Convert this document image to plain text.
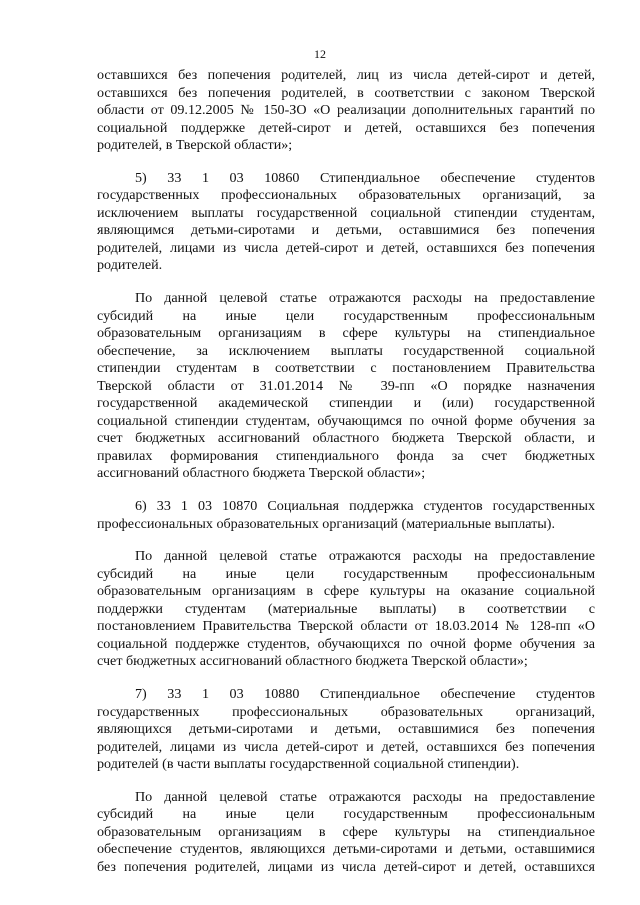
12
оставшихся без попечения родителей, лиц из числа детей-сирот и детей,
оставшихся без попечения родителей, в соответствии с законом Тверской
области от 09.12.2005 № 150-ЗО «О реализации дополнительных гарантий по
социальной поддержке детей-сирот и детей, оставшихся без попечения
родителей, в Тверской области»;
5) 33 1 03 10860 Стипендиальное обеспечение студентов
государственных профессиональных образовательных организаций, за
исключением выплаты государственной социальной стипендии студентам,
являющимся детьми-сиротами и детьми, оставшимися без попечения
родителей, лицами из числа детей-сирот и детей, оставшихся без попечения
родителей.
По данной целевой статье отражаются расходы на предоставление
субсидий на иные цели государственным профессиональным
образовательным организациям в сфере культуры на стипендиальное
обеспечение, за исключением выплаты государственной социальной
стипендии студентам в соответствии с постановлением Правительства
Тверской области от 31.01.2014 № 39-пп «О порядке назначения
государственной академической стипендии и (или) государственной
социальной стипендии студентам, обучающимся по очной форме обучения за
счет бюджетных ассигнований областного бюджета Тверской области, и
правилах формирования стипендиального фонда за счет бюджетных
ассигнований областного бюджета Тверской области»;
6) 33 1 03 10870 Социальная поддержка студентов государственных
профессиональных образовательных организаций (материальные выплаты).
По данной целевой статье отражаются расходы на предоставление
субсидий на иные цели государственным профессиональным
образовательным организациям в сфере культуры на оказание социальной
поддержки студентам (материальные выплаты) в соответствии с
постановлением Правительства Тверской области от 18.03.2014 № 128-пп «О
социальной поддержке студентов, обучающихся по очной форме обучения за
счет бюджетных ассигнований областного бюджета Тверской области»;
7) 33 1 03 10880 Стипендиальное обеспечение студентов
государственных профессиональных образовательных организаций,
являющихся детьми-сиротами и детьми, оставшимися без попечения
родителей, лицами из числа детей-сирот и детей, оставшихся без попечения
родителей (в части выплаты государственной социальной стипендии).
По данной целевой статье отражаются расходы на предоставление
субсидий на иные цели государственным профессиональным
образовательным организациям в сфере культуры на стипендиальное
обеспечение студентов, являющихся детьми-сиротами и детьми, оставшимися
без попечения родителей, лицами из числа детей-сирот и детей, оставшихся
